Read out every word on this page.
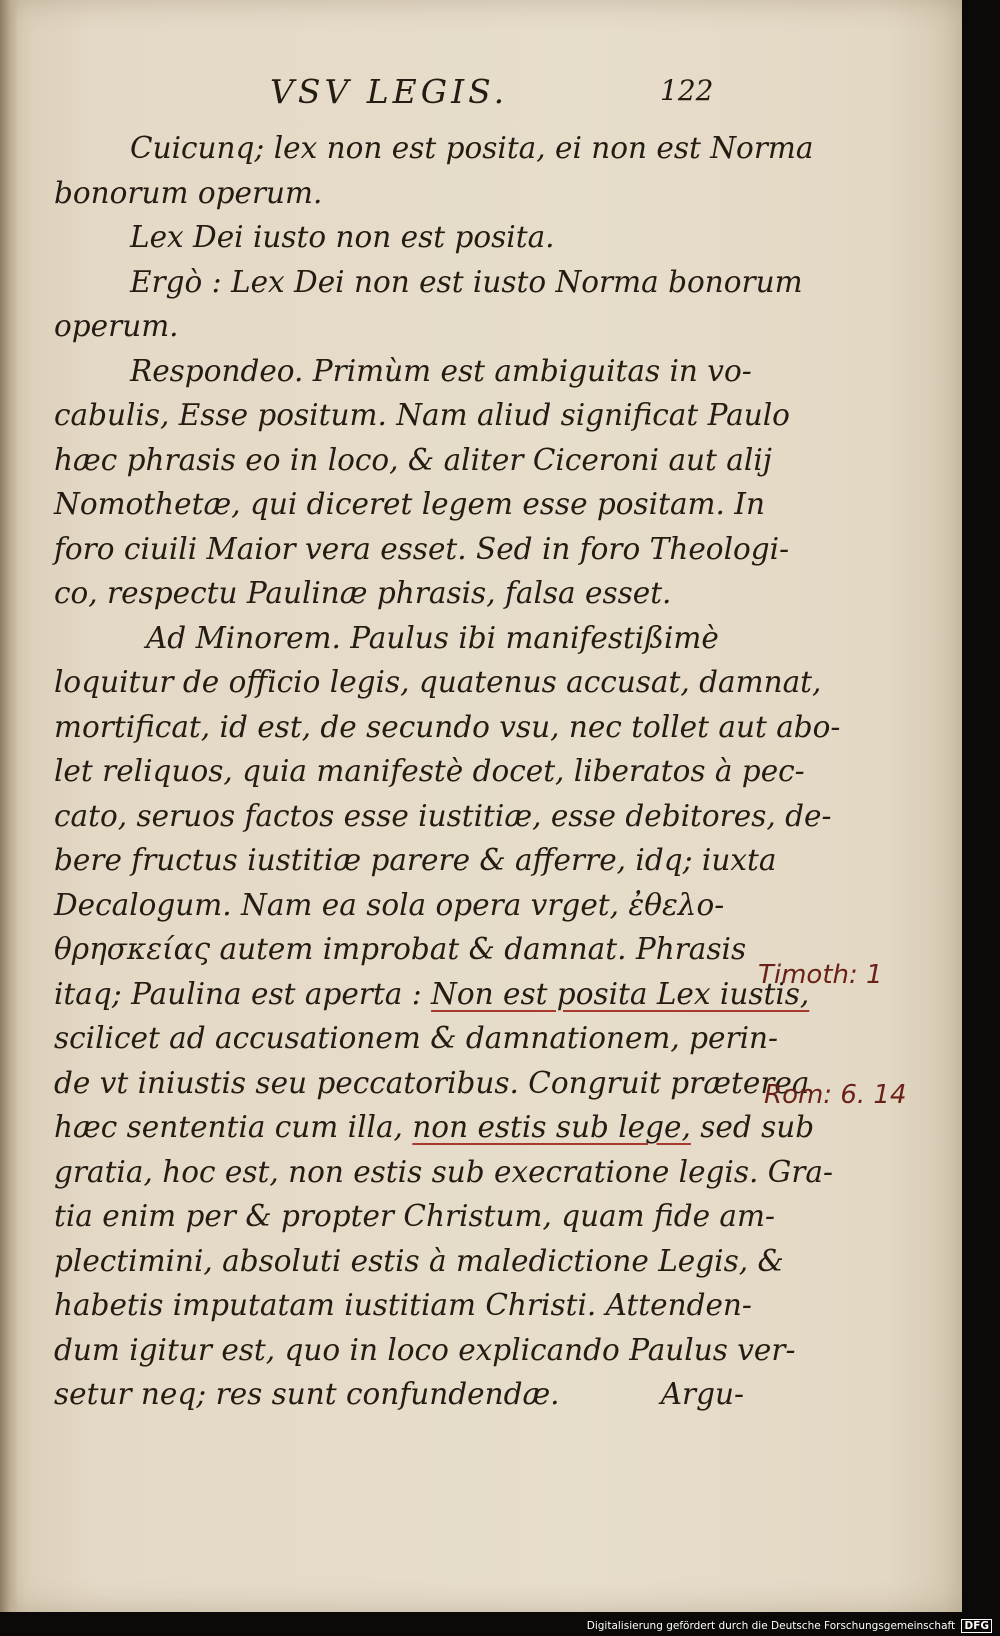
VSV LEGIS.	122
Cuicunq; lex non est posita, ei non est Norma
bonorum operum.
Lex Dei iusto non est posita.
Ergò : Lex Dei non est iusto Norma bonorum
operum.
Respondeo. Primùm est ambiguitas in vo-
cabulis, Esse positum. Nam aliud significat Paulo
hæc phrasis eo in loco, & aliter Ciceroni aut alij
Nomothetæ, qui diceret legem esse positam. In
foro ciuili Maior vera esset. Sed in foro Theologi-
co, respectu Paulinæ phrasis, falsa esset.
Ad Minorem. Paulus ibi manifestißimè
loquitur de officio legis, quatenus accusat, damnat,
mortificat, id est, de secundo vsu, nec tollet aut abo-
let reliquos, quia manifestè docet, liberatos à pec-
cato, seruos factos esse iustitiæ, esse debitores, de-
bere fructus iustitiæ parere & afferre, idq; iuxta
Decalogum. Nam ea sola opera vrget, ἐθελο-
θρησκείας autem improbat & damnat. Phrasis
itaq; Paulina est aperta : Non est posita Lex iustis,
scilicet ad accusationem & damnationem, perin-
de vt iniustis seu peccatoribus. Congruit præterea
hæc sententia cum illa, non estis sub lege, sed sub
gratia, hoc est, non estis sub execratione legis. Gra-
tia enim per & propter Christum, quam fide am-
plectimini, absoluti estis à maledictione Legis, &
habetis imputatam iustitiam Christi. Attenden-
dum igitur est, quo in loco explicando Paulus ver-
setur neq; res sunt confundendæ.	Argu-
Timoth: 1
Rom: 6. 14
Digitalisierung gefördert durch die Deutsche Forschungsgemeinschaft DFG
